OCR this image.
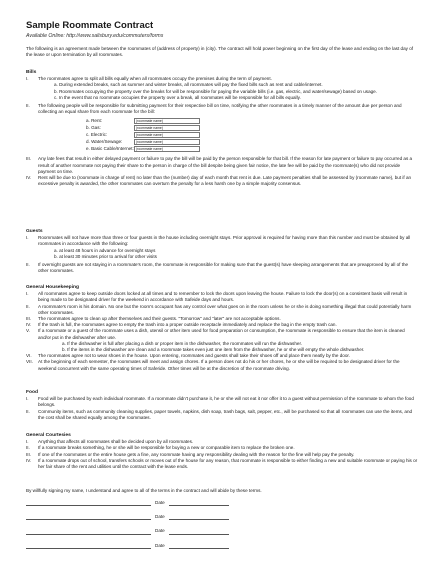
Sample Roommate Contract
Available Online: http://www.salisbury.edu/commuters/forms
The following is an agreement made between the roommates of (address of property) in (city). The contract will hold power beginning on the first day of the lease and ending on the last day of the lease or upon termination by all roommates.
Bills
I.	The roommates agree to split all bills equally when all roommates occupy the premises during the term of payment.
a. During extended breaks, such as summer and winter breaks, all roommates will pay the fixed bills such as rent and cable/internet.
b. Roommates occupying the property over the breaks for will be responsible for paying the variable bills (i.e. gas, electric, and water/sewage) based on usage.
c. In the event that no roommate occupies the property over a break, all roommates will be responsible for all bills equally.
II.	The following people will be responsible for submitting payment for their respective bill on time, notifying the other roommates in a timely manner of the amount due per person and collecting an equal share from each roommate for the bill:
a. Rent:	(roommate name)
b. Gas:	(roommate name)
c. Electric:	(roommate name)
d. Water/Sewage:	(roommate name)
e. Basic Cable/Internet: (roommate name)
III.	Any late fees that result in either delayed payment or failure to pay the bill will be paid by the person responsible for that bill. If the reason for late payment or failure to pay occurred as a result of another roommate not paying their share to the person in charge of the bill despite being given fair notice, the late fee will be paid by the roommate(s) who did not provide payment on time.
IV.	Rent will be due to (roommate in charge of rent) no later than the (number) day of each month that rent is due. Late payment penalties shall be assessed by (roommate name), but if an excessive penalty is awarded, the other roommates can overturn the penalty for a less harsh one by a simple majority consensus.
Guests
I.	Roommates will not have more than three or four guests in the house including overnight stays. Prior approval is required for having more than this number and must be obtained by all roommates in accordance with the following:
a. at least 48 hours in advance for overnight stays
b. at least 30 minutes prior to arrival for other visits
II.	If overnight guests are not staying in a roommate's room, the roommate is responsible for making sure that the guest(s) have sleeping arrangements that are preapproved by all of the other roommates.
General Housekeeping
I.	All roommates agree to keep outside doors locked at all times and to remember to lock the doors upon leaving the house. Failure to lock the door(s) on a consistent basis will result in being made to be designated driver for the weekend in accordance with Safeide days and hours.
II.	A roommate's room is his domain. No one but the room's occupant has any control over what goes on in the room unless he or she is doing something illegal that could potentially harm other roommates.
III.	The roommates agree to clean up after themselves and their guests. "Tomorrow" and "later" are not acceptable options.
IV.	If the trash is full, the roommates agree to empty the trash into a proper outside receptacle immediately and replace the bag in the empty trash can.
V.	If a roommate or a guest of the roommate uses a dish, utensil or other item used for food preparation or consumption, the roommate is responsible to ensure that the item is cleaned and/or put in the dishwasher after use.
a. If the dishwasher is full after placing a dish or proper item in the dishwasher, the roommates will run the dishwasher.
b. If the items in the dishwasher are clean and a roommate takes even just one item from the dishwasher, he or she will empty the whole dishwasher.
VI.	The roommates agree not to wear shoes in the house. Upon entering, roommates and guests shall take their shoes off and place them neatly by the door.
VII.	At the beginning of each semester, the roommates will meet and assign chores. If a person does not do his or her chores, he or she will be required to be designated driver for the weekend concurrent with the same operating times of Saferide. Other times will be at the discretion of the roommate driving.
Food
I.	Food will be purchased by each individual roommate. If a roommate didn't purchase it, he or she will not eat it nor offer it to a guest without permission of the roommate to whom the food belongs.
II.	Community items, such as community cleaning supplies, paper towels, napkins, dish soap, trash bags, salt, pepper, etc., will be purchased so that all roommates can use the items, and the cost shall be shared equally among the roommates.
General Courtesies
I.	Anything that affects all roommates shall be decided upon by all roommates.
II.	If a roommate breaks something, he or she will be responsible for buying a new or comparable item to replace the broken one.
III.	If one of the roommates or the entire house gets a fine, any roommate having any responsibility dealing with the reason for the fine will help pay the penalty.
IV.	If a roommate drops out of school, transfers schools or moves out of the house for any reason, that roommate is responsible to either finding a new and suitable roommate or paying his or her fair share of the rent and utilities until the contract with the lease ends.
By willfully signing my name, I understand and agree to all of the terms in the contract and will abide by these terms.
Date
Date
Date
Date
